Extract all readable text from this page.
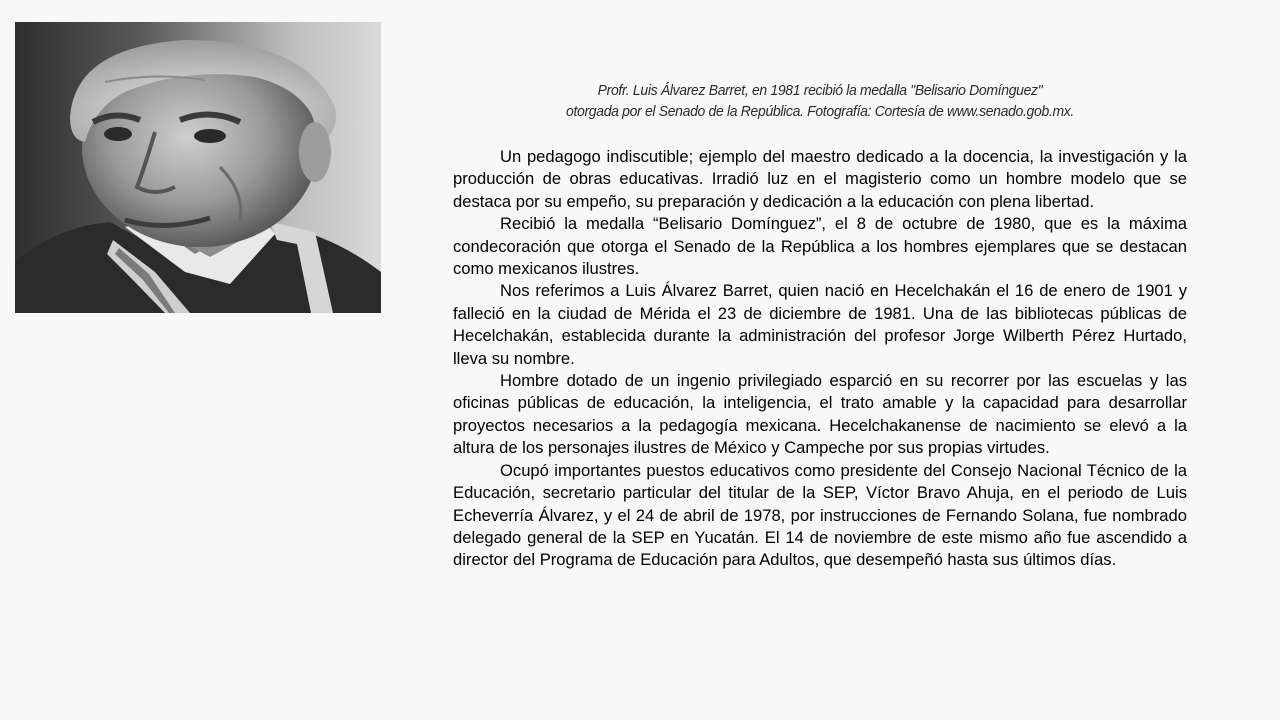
Profr. Luis Álvarez Barret, en 1981 recibió la medalla "Belisario Domínguez"
otorgada por el Senado de la República. Fotografía: Cortesía de www.senado.gob.mx.

Un pedagogo indiscutible; ejemplo del maestro dedicado a la docencia, la investigación y la producción de obras educativas. Irradió luz en el magisterio como un hombre modelo que se destaca por su empeño, su preparación y dedicación a la educación con plena libertad.

Recibió la medalla “Belisario Domínguez”, el 8 de octubre de 1980, que es la máxima condecoración que otorga el Senado de la República a los hombres ejemplares que se destacan como mexicanos ilustres.

Nos referimos a Luis Álvarez Barret, quien nació en Hecelchakán el 16 de enero de 1901 y falleció en la ciudad de Mérida el 23 de diciembre de 1981. Una de las bibliotecas públicas de Hecelchakán, establecida durante la administración del profesor Jorge Wilberth Pérez Hurtado, lleva su nombre.

Hombre dotado de un ingenio privilegiado esparció en su recorrer por las escuelas y las oficinas públicas de educación, la inteligencia, el trato amable y la capacidad para desarrollar proyectos necesarios a la pedagogía mexicana. Hecelchakanense de nacimiento se elevó a la altura de los personajes ilustres de México y Campeche por sus propias virtudes.

Ocupó importantes puestos educativos como presidente del Consejo Nacional Técnico de la Educación, secretario particular del titular de la SEP, Víctor Bravo Ahuja, en el periodo de Luis Echeverría Álvarez, y el 24 de abril de 1978, por instrucciones de Fernando Solana, fue nombrado delegado general de la SEP en Yucatán. El 14 de noviembre de este mismo año fue ascendido a director del Programa de Educación para Adultos, que desempeñó hasta sus últimos días.
